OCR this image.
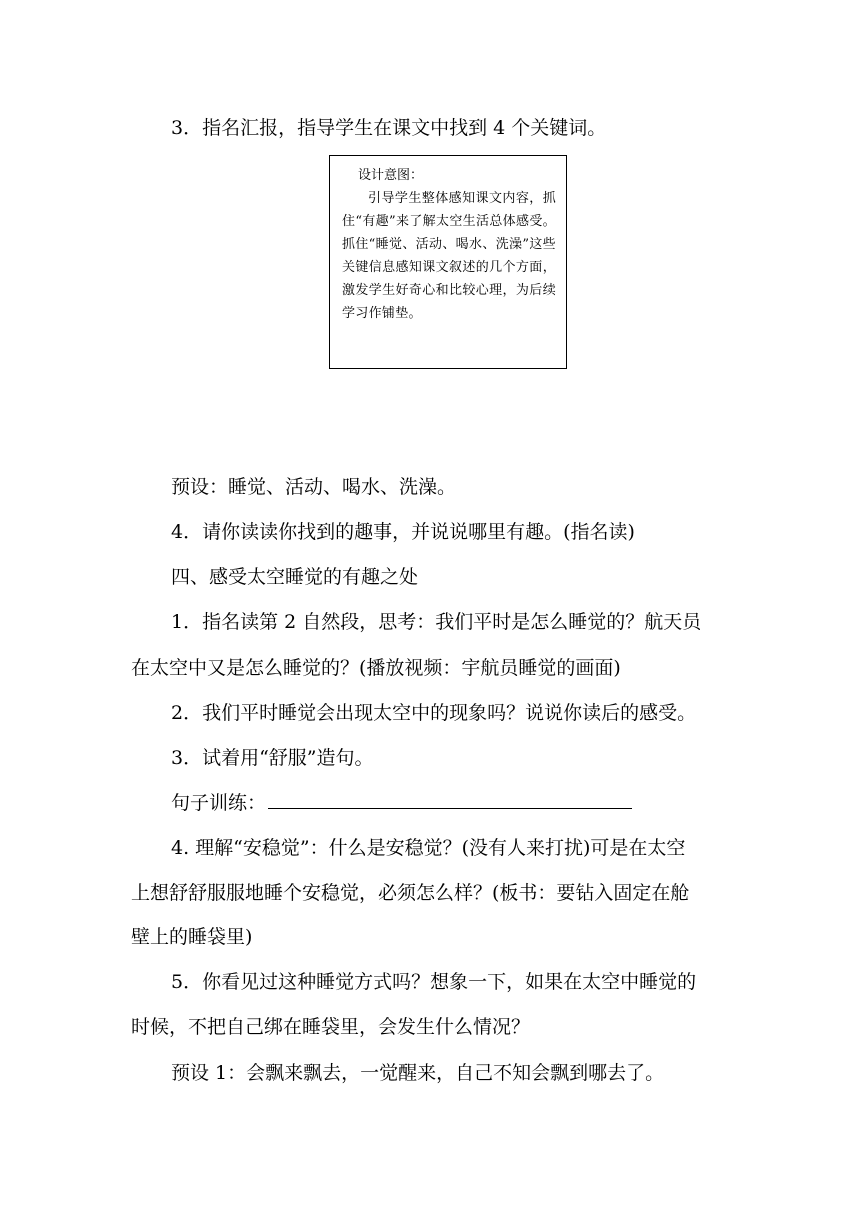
3．指名汇报，指导学生在课文中找到 4 个关键词。

设计意图：
引导学生整体感知课文内容，抓住“有趣”来了解太空生活总体感受。抓住“睡觉、活动、喝水、洗澡”这些关键信息感知课文叙述的几个方面，激发学生好奇心和比较心理，为后续学习作铺垫。

预设：睡觉、活动、喝水、洗澡。

4．请你读读你找到的趣事，并说说哪里有趣。(指名读)

四、感受太空睡觉的有趣之处

1．指名读第 2 自然段，思考：我们平时是怎么睡觉的？航天员

在太空中又是怎么睡觉的？(播放视频：宇航员睡觉的画面)

2．我们平时睡觉会出现太空中的现象吗？说说你读后的感受。

3．试着用“舒服”造句。

句子训练：

4. 理解“安稳觉”：什么是安稳觉？(没有人来打扰)可是在太空

上想舒舒服服地睡个安稳觉，必须怎么样？(板书：要钻入固定在舱

壁上的睡袋里)

5．你看见过这种睡觉方式吗？想象一下，如果在太空中睡觉的

时候，不把自己绑在睡袋里，会发生什么情况？

预设 1：会飘来飘去，一觉醒来，自己不知会飘到哪去了。
